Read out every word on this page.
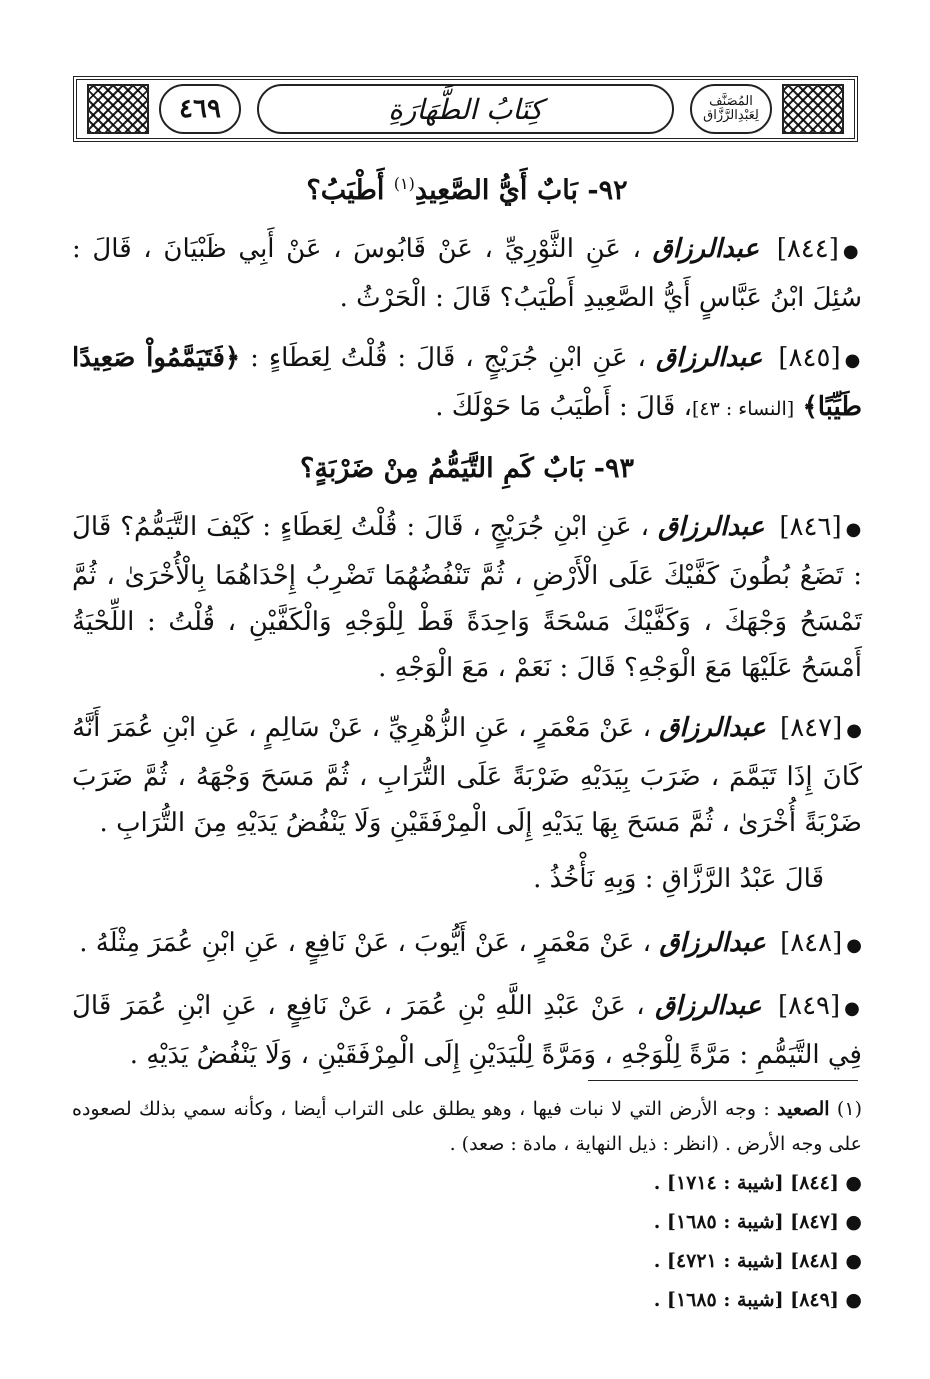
٤٦٩	كِتَابُ الطَّهَارَةِ	المُصَنَّف
لِعَبْدِالرَّزَّاق
٩٢- بَابٌ أَيُّ الصَّعِيدِ$^{(١)}$ أَطْيَبُ؟

●[٨٤٤] عبدالرزاق ، عَنِ الثَّوْرِيِّ ، عَنْ قَابُوسَ ، عَنْ أَبِي ظَبْيَانَ ، قَالَ : سُئِلَ ابْنُ عَبَّاسٍ أَيُّ الصَّعِيدِ أَطْيَبُ؟ قَالَ : الْحَرْثُ .

●[٨٤٥] عبدالرزاق ، عَنِ ابْنِ جُرَيْجٍ ، قَالَ : قُلْتُ لِعَطَاءٍ : ﴿فَتَيَمَّمُواْ صَعِيدًا طَيِّبًا﴾ [النساء : ٤٣]، قَالَ : أَطْيَبُ مَا حَوْلَكَ .

٩٣- بَابٌ كَمِ التَّيَمُّمُ مِنْ ضَرْبَةٍ؟

●[٨٤٦] عبدالرزاق ، عَنِ ابْنِ جُرَيْجٍ ، قَالَ : قُلْتُ لِعَطَاءٍ : كَيْفَ التَّيَمُّمُ؟ قَالَ : تَضَعُ بُطُونَ كَفَّيْكَ عَلَى الْأَرْضِ ، ثُمَّ تَنْفُضُهُمَا تَضْرِبُ إِحْدَاهُمَا بِالْأُخْرَىٰ ، ثُمَّ تَمْسَحُ وَجْهَكَ ، وَكَفَّيْكَ مَسْحَةً وَاحِدَةً قَطْ لِلْوَجْهِ وَالْكَفَّيْنِ ، قُلْتُ : اللِّحْيَةُ أَمْسَحُ عَلَيْهَا مَعَ الْوَجْهِ؟ قَالَ : نَعَمْ ، مَعَ الْوَجْهِ .

●[٨٤٧] عبدالرزاق ، عَنْ مَعْمَرٍ ، عَنِ الزُّهْرِيِّ ، عَنْ سَالِمٍ ، عَنِ ابْنِ عُمَرَ أَنَّهُ كَانَ إِذَا تَيَمَّمَ ، ضَرَبَ بِيَدَيْهِ ضَرْبَةً عَلَى التُّرَابِ ، ثُمَّ مَسَحَ وَجْهَهُ ، ثُمَّ ضَرَبَ ضَرْبَةً أُخْرَىٰ ، ثُمَّ مَسَحَ بِهَا يَدَيْهِ إِلَى الْمِرْفَقَيْنِ وَلَا يَنْفُضُ يَدَيْهِ مِنَ التُّرَابِ .

قَالَ عَبْدُ الرَّزَّاقِ : وَبِهِ نَأْخُذُ .

●[٨٤٨] عبدالرزاق ، عَنْ مَعْمَرٍ ، عَنْ أَيُّوبَ ، عَنْ نَافِعٍ ، عَنِ ابْنِ عُمَرَ مِثْلَهُ .

●[٨٤٩] عبدالرزاق ، عَنْ عَبْدِ اللَّهِ بْنِ عُمَرَ ، عَنْ نَافِعٍ ، عَنِ ابْنِ عُمَرَ قَالَ فِي التَّيَمُّمِ : مَرَّةً لِلْوَجْهِ ، وَمَرَّةً لِلْيَدَيْنِ إِلَى الْمِرْفَقَيْنِ ، وَلَا يَنْفُضُ يَدَيْهِ .

(١) الصعيد : وجه الأرض التي لا نبات فيها ، وهو يطلق على التراب أيضا ، وكأنه سمي بذلك لصعوده على وجه الأرض . (انظر : ذيل النهاية ، مادة : صعد) .
● [٨٤٤] [شيبة : ١٧١٤] .
● [٨٤٧] [شيبة : ١٦٨٥] .
● [٨٤٨] [شيبة : ٤٧٢١] .
● [٨٤٩] [شيبة : ١٦٨٥] .
